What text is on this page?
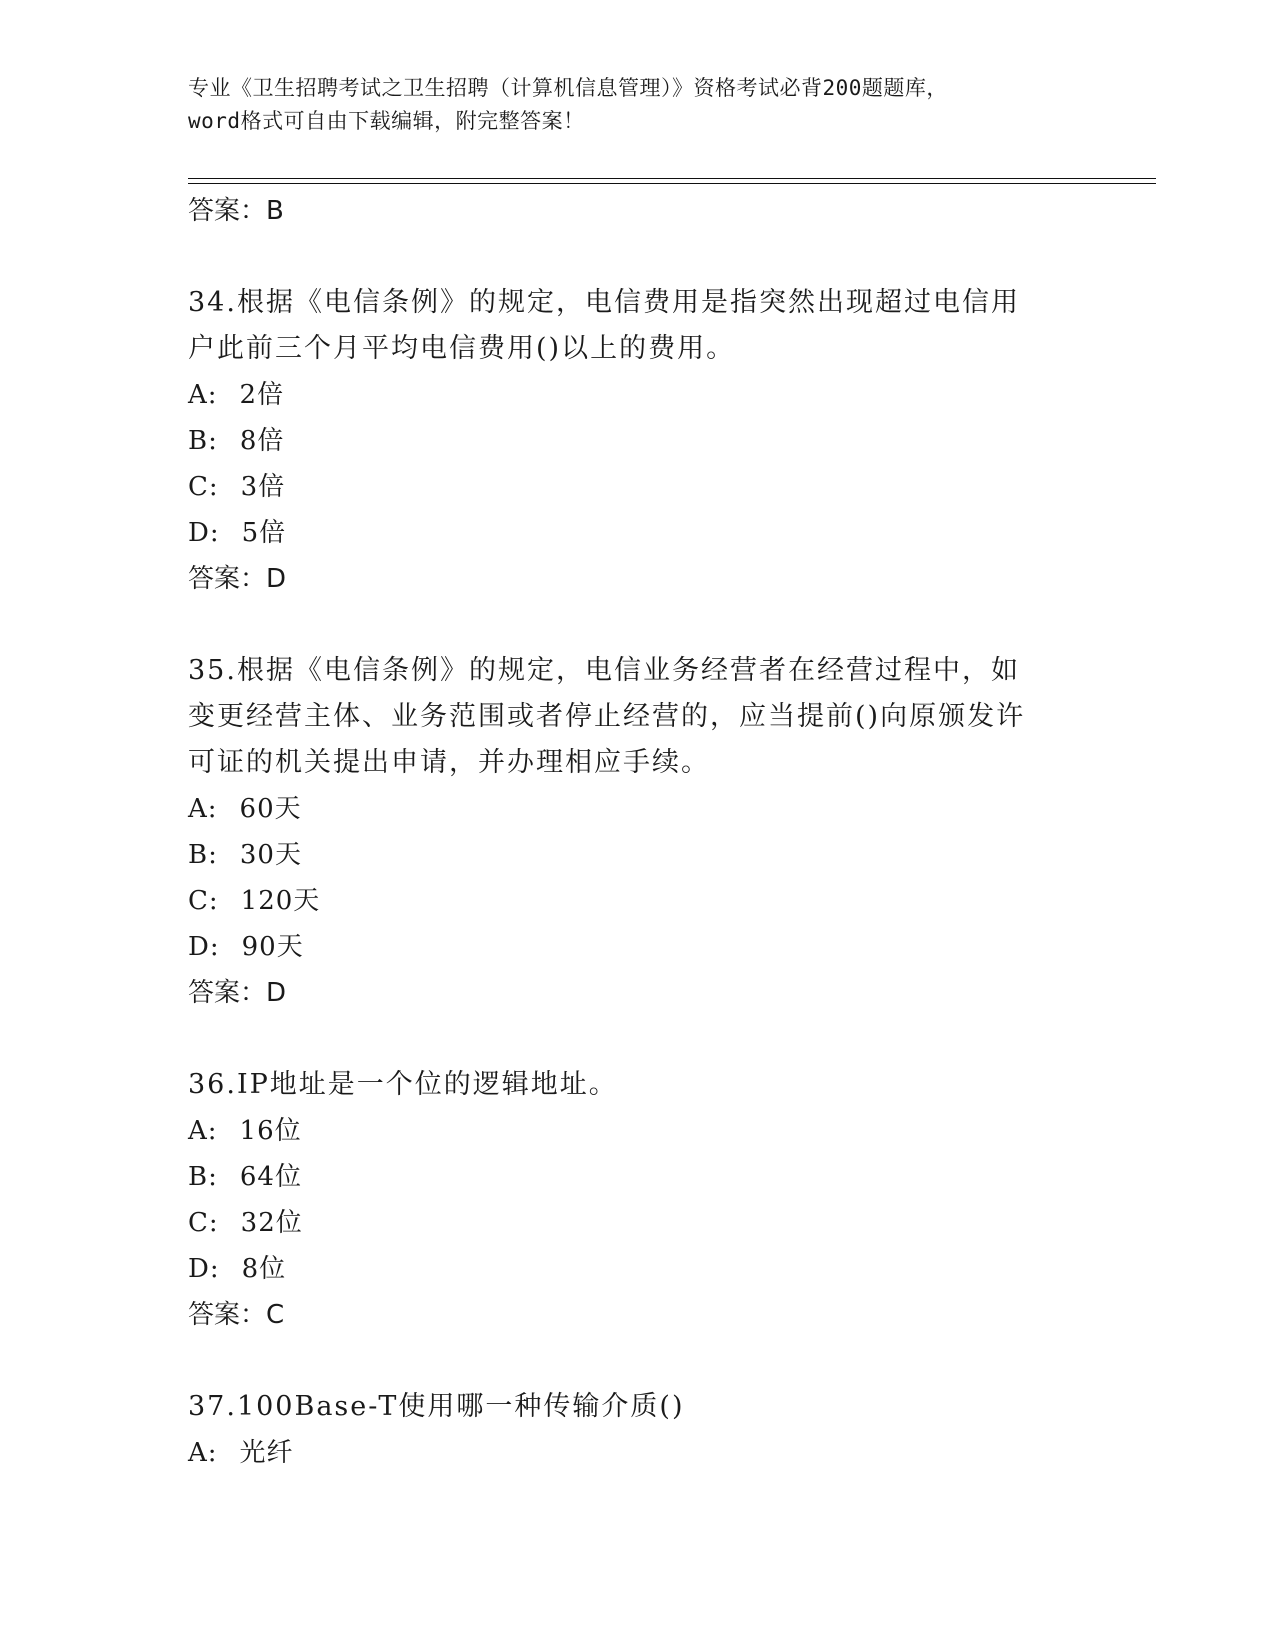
专业《卫生招聘考试之卫生招聘（计算机信息管理）》资格考试必背200题题库，
word格式可自由下载编辑，附完整答案！
答案：B
34.根据《电信条例》的规定，电信费用是指突然出现超过电信用户此前三个月平均电信费用()以上的费用。
A: 2倍
B: 8倍
C: 3倍
D: 5倍
答案：D
35.根据《电信条例》的规定，电信业务经营者在经营过程中，如变更经营主体、业务范围或者停止经营的，应当提前()向原颁发许可证的机关提出申请，并办理相应手续。
A: 60天
B: 30天
C: 120天
D: 90天
答案：D
36.IP地址是一个位的逻辑地址。
A: 16位
B: 64位
C: 32位
D: 8位
答案：C
37.100Base-T使用哪一种传输介质()
A: 光纤
